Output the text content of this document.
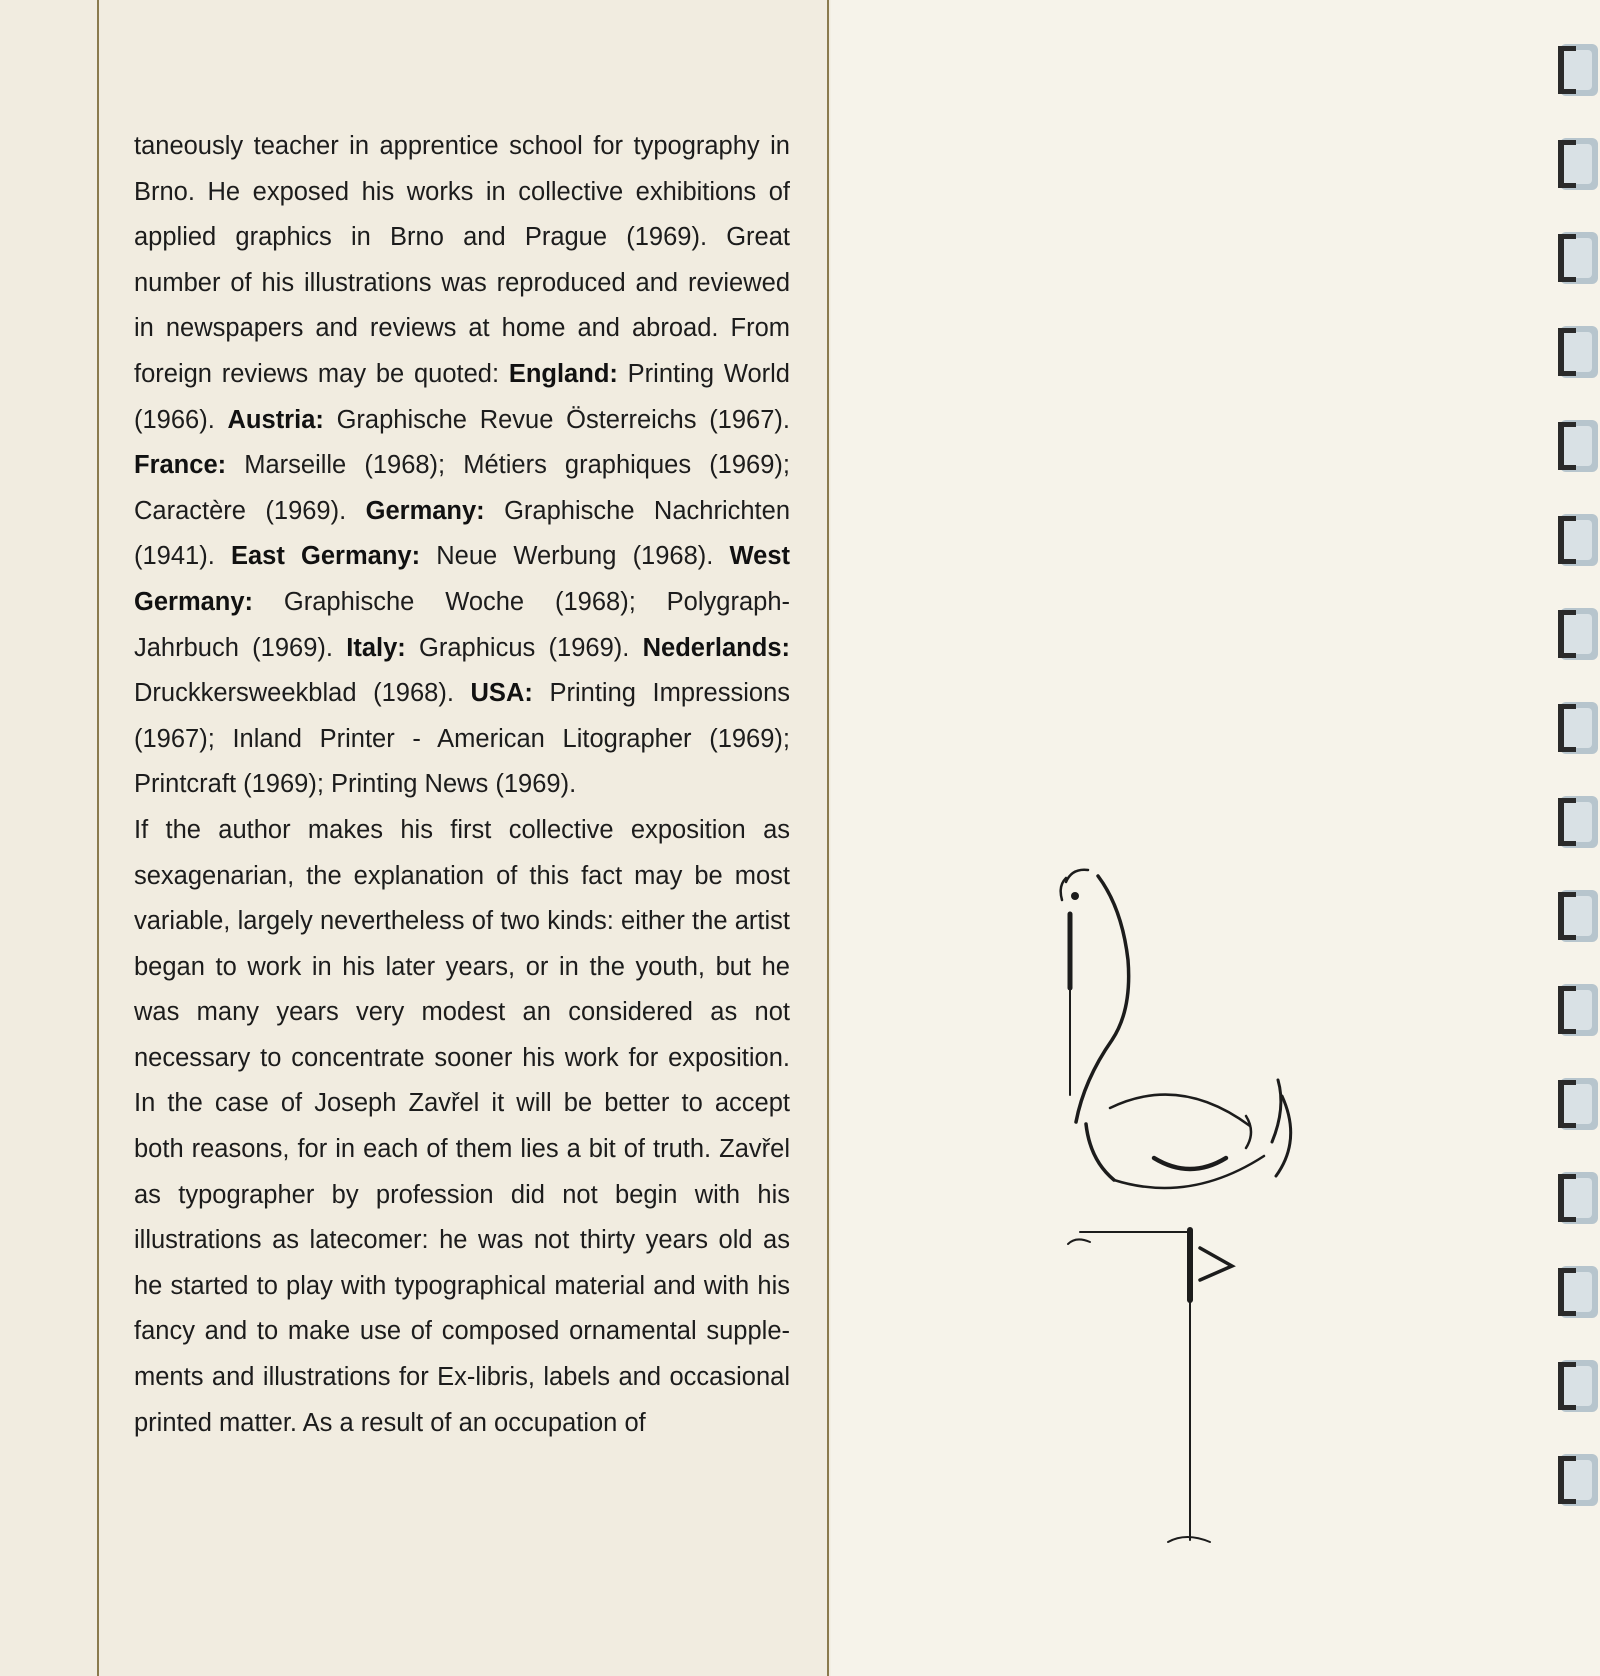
taneously teacher in apprentice school for typography in Brno. He exposed his works in collective exhibitions of applied graphics in Brno and Prague (1969). Great number of his illustrations was reproduced and reviewed in newspapers and reviews at home and abroad. From foreign reviews may be quoted: England: Printing World (1966). Austria: Graphische Revue Österreichs (1967). France: Marseille (1968); Métiers graphiques (1969); Caractère (1969). Germany: Graphische Nachrichten (1941). East Germany: Neue Werbung (1968). West Germany: Graphische Woche (1968); Polygraph-Jahrbuch (1969). Italy: Graphicus (1969). Nederlands: Druckkersweekblad (1968). USA: Printing Impressions (1967); Inland Printer - American Litographer (1969); Printcraft (1969); Printing News (1969).

If the author makes his first collective exposition as sexagenarian, the explanation of this fact may be most variable, largely nevertheless of two kinds: either the artist began to work in his later years, or in the youth, but he was many years very modest an considered as not necessary to concentrate sooner his work for exposition. In the case of Joseph Zavřel it will be better to accept both reasons, for in each of them lies a bit of truth. Zavřel as typographer by profession did not begin with his illustrations as latecomer: he was not thirty years old as he started to play with typographical material and with his fancy and to make use of composed ornamental supplements and illustrations for Ex-libris, labels and occasional printed matter. As a result of an occupation of
